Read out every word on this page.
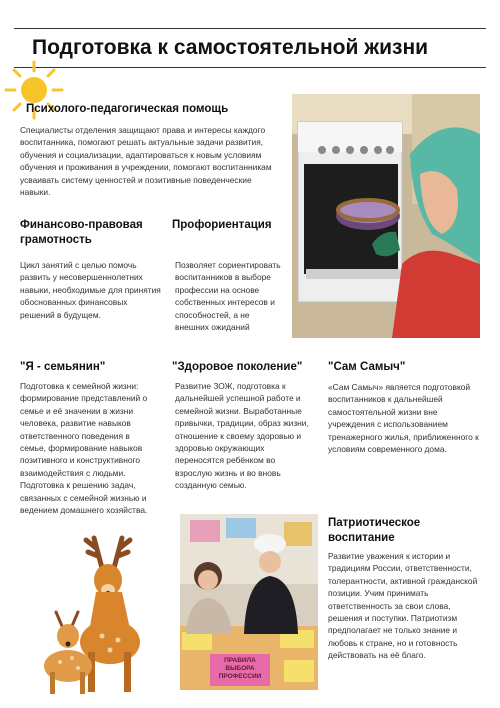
Подготовка к самостоятельной жизни
Психолого-педагогическая помощь

Специалисты отделения защищают права и интересы каждого воспитанника, помогают решать актуальные задачи развития, обучения и социализации, адаптироваться к новым условиям обучения и проживания в учреждении, помогают воспитанникам усваивать систему ценностей и позитивные поведенческие навыки.

Финансово-правовая
грамотность

Цикл занятий с целью помочь развить у несовершеннолетних навыки, необходимые для принятия обоснованных финансовых решений в будущем.

Профориентация

Позволяет сориентировать воспитанников в выборе профессии на основе собственных интересов и способностей, а не внешних ожиданий

"Я - семьянин"

Подготовка к семейной жизни: формирование представлений о семье и её значении в жизни человека, развитие навыков ответственного поведения в семье, формирование навыков позитивного и конструктивного взаимодействия с людьми. Подготовка к решению задач, связанных с семейной жизнью и ведением домашнего хозяйства.

"Здоровое поколение"

Развитие ЗОЖ, подготовка к дальнейшей успешной работе и семейной жизни. Выработанные привычки, традиции, образ жизни, отношение к своему здоровью и здоровью окружающих переносятся ребёнком во взрослую жизнь и во вновь созданную семью.

"Сам Самыч"

«Сам Самыч» является подготовкой воспитанников к дальнейшей самостоятельной жизни вне учреждения с использованием тренажерного жилья, приближенного к условиям современного дома.

ПРАВИЛА ВЫБОРА ПРОФЕССИИ
Патриотическое
воспитание

Развитие уважения к истории и традициям России, ответственности, толерантности, активной гражданской позиции. Учим принимать ответственность за свои слова, решения и поступки. Патриотизм предполагает не только знание и любовь к стране, но и готовность действовать на её благо.
